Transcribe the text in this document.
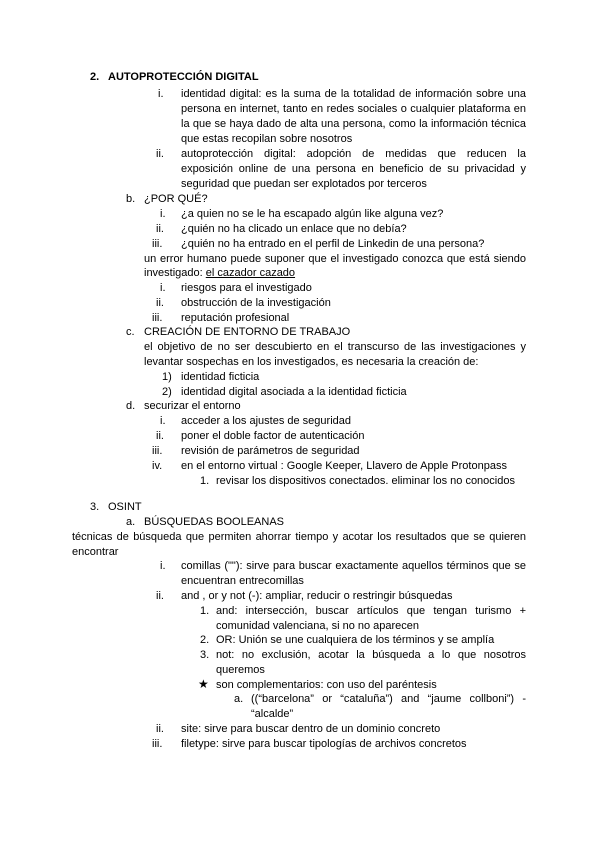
2. AUTOPROTECCIÓN DIGITAL
i. identidad digital: es la suma de la totalidad de información sobre una
persona en internet, tanto en redes sociales o cualquier plataforma en
la que se haya dado de alta una persona, como la información técnica
que estas recopilan sobre nosotros
ii. autoprotección digital: adopción de medidas que reducen la
exposición online de una persona en beneficio de su privacidad y
seguridad que puedan ser explotados por terceros
b. ¿POR QUÉ?
i. ¿a quien no se le ha escapado algún like alguna vez?
ii. ¿quién no ha clicado un enlace que no debía?
iii. ¿quién no ha entrado en el perfil de Linkedin de una persona?
un error humano puede suponer que el investigado conozca que está siendo
investigado: el cazador cazado
i. riesgos para el investigado
ii. obstrucción de la investigación
iii. reputación profesional
c. CREACIÓN DE ENTORNO DE TRABAJO
el objetivo de no ser descubierto en el transcurso de las investigaciones y
levantar sospechas en los investigados, es necesaria la creación de:
1) identidad ficticia
2) identidad digital asociada a la identidad ficticia
d. securizar el entorno
i. acceder a los ajustes de seguridad
ii. poner el doble factor de autenticación
iii. revisión de parámetros de seguridad
iv. en el entorno virtual : Google Keeper, Llavero de Apple Protonpass
1. revisar los dispositivos conectados. eliminar los no conocidos
3. OSINT
a. BÚSQUEDAS BOOLEANAS
técnicas de búsqueda que permiten ahorrar tiempo y acotar los resultados que se quieren
encontrar
i. comillas (""): sirve para buscar exactamente aquellos términos que se
encuentran entrecomillas
ii. and , or y not (-): ampliar, reducir o restringir búsquedas
1. and: intersección, buscar artículos que tengan turismo +
comunidad valenciana, si no no aparecen
2. OR: Unión se une cualquiera de los términos y se amplía
3. not: no exclusión, acotar la búsqueda a lo que nosotros
queremos
★ son complementarios: con uso del paréntesis
a. ((“barcelona” or “cataluña”) and “jaume collboni”) -
“alcalde”
ii. site: sirve para buscar dentro de un dominio concreto
iii. filetype: sirve para buscar tipologías de archivos concretos
